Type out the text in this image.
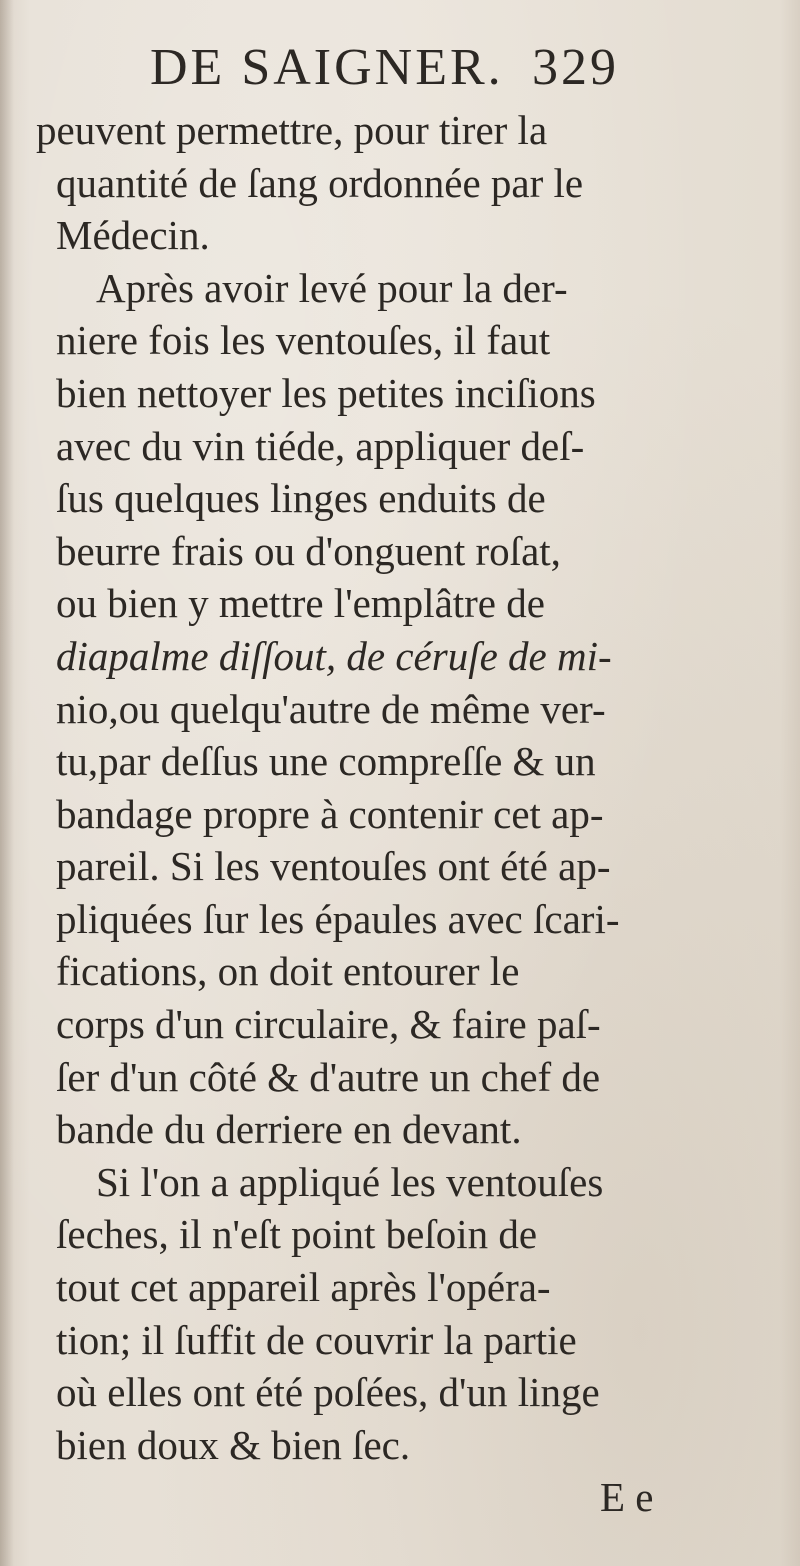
DE SAIGNER. 329
peuvent permettre, pour tirer la
quantité de ſang ordonnée par le
Médecin.
Après avoir levé pour la der-
niere fois les ventouſes, il faut
bien nettoyer les petites inciſions
avec du vin tiéde, appliquer deſ-
ſus quelques linges enduits de
beurre frais ou d'onguent roſat,
ou bien y mettre l'emplâtre de
diapalme diſſout, de céruſe de mi-
nio,ou quelqu'autre de même ver-
tu,par deſſus une compreſſe & un
bandage propre à contenir cet ap-
pareil. Si les ventouſes ont été ap-
pliquées ſur les épaules avec ſcari-
fications, on doit entourer le
corps d'un circulaire, & faire paſ-
ſer d'un côté & d'autre un chef de
bande du derriere en devant.
Si l'on a appliqué les ventouſes
ſeches, il n'eſt point beſoin de
tout cet appareil après l'opéra-
tion; il ſuffit de couvrir la partie
où elles ont été poſées, d'un linge
bien doux & bien ſec.
E e
